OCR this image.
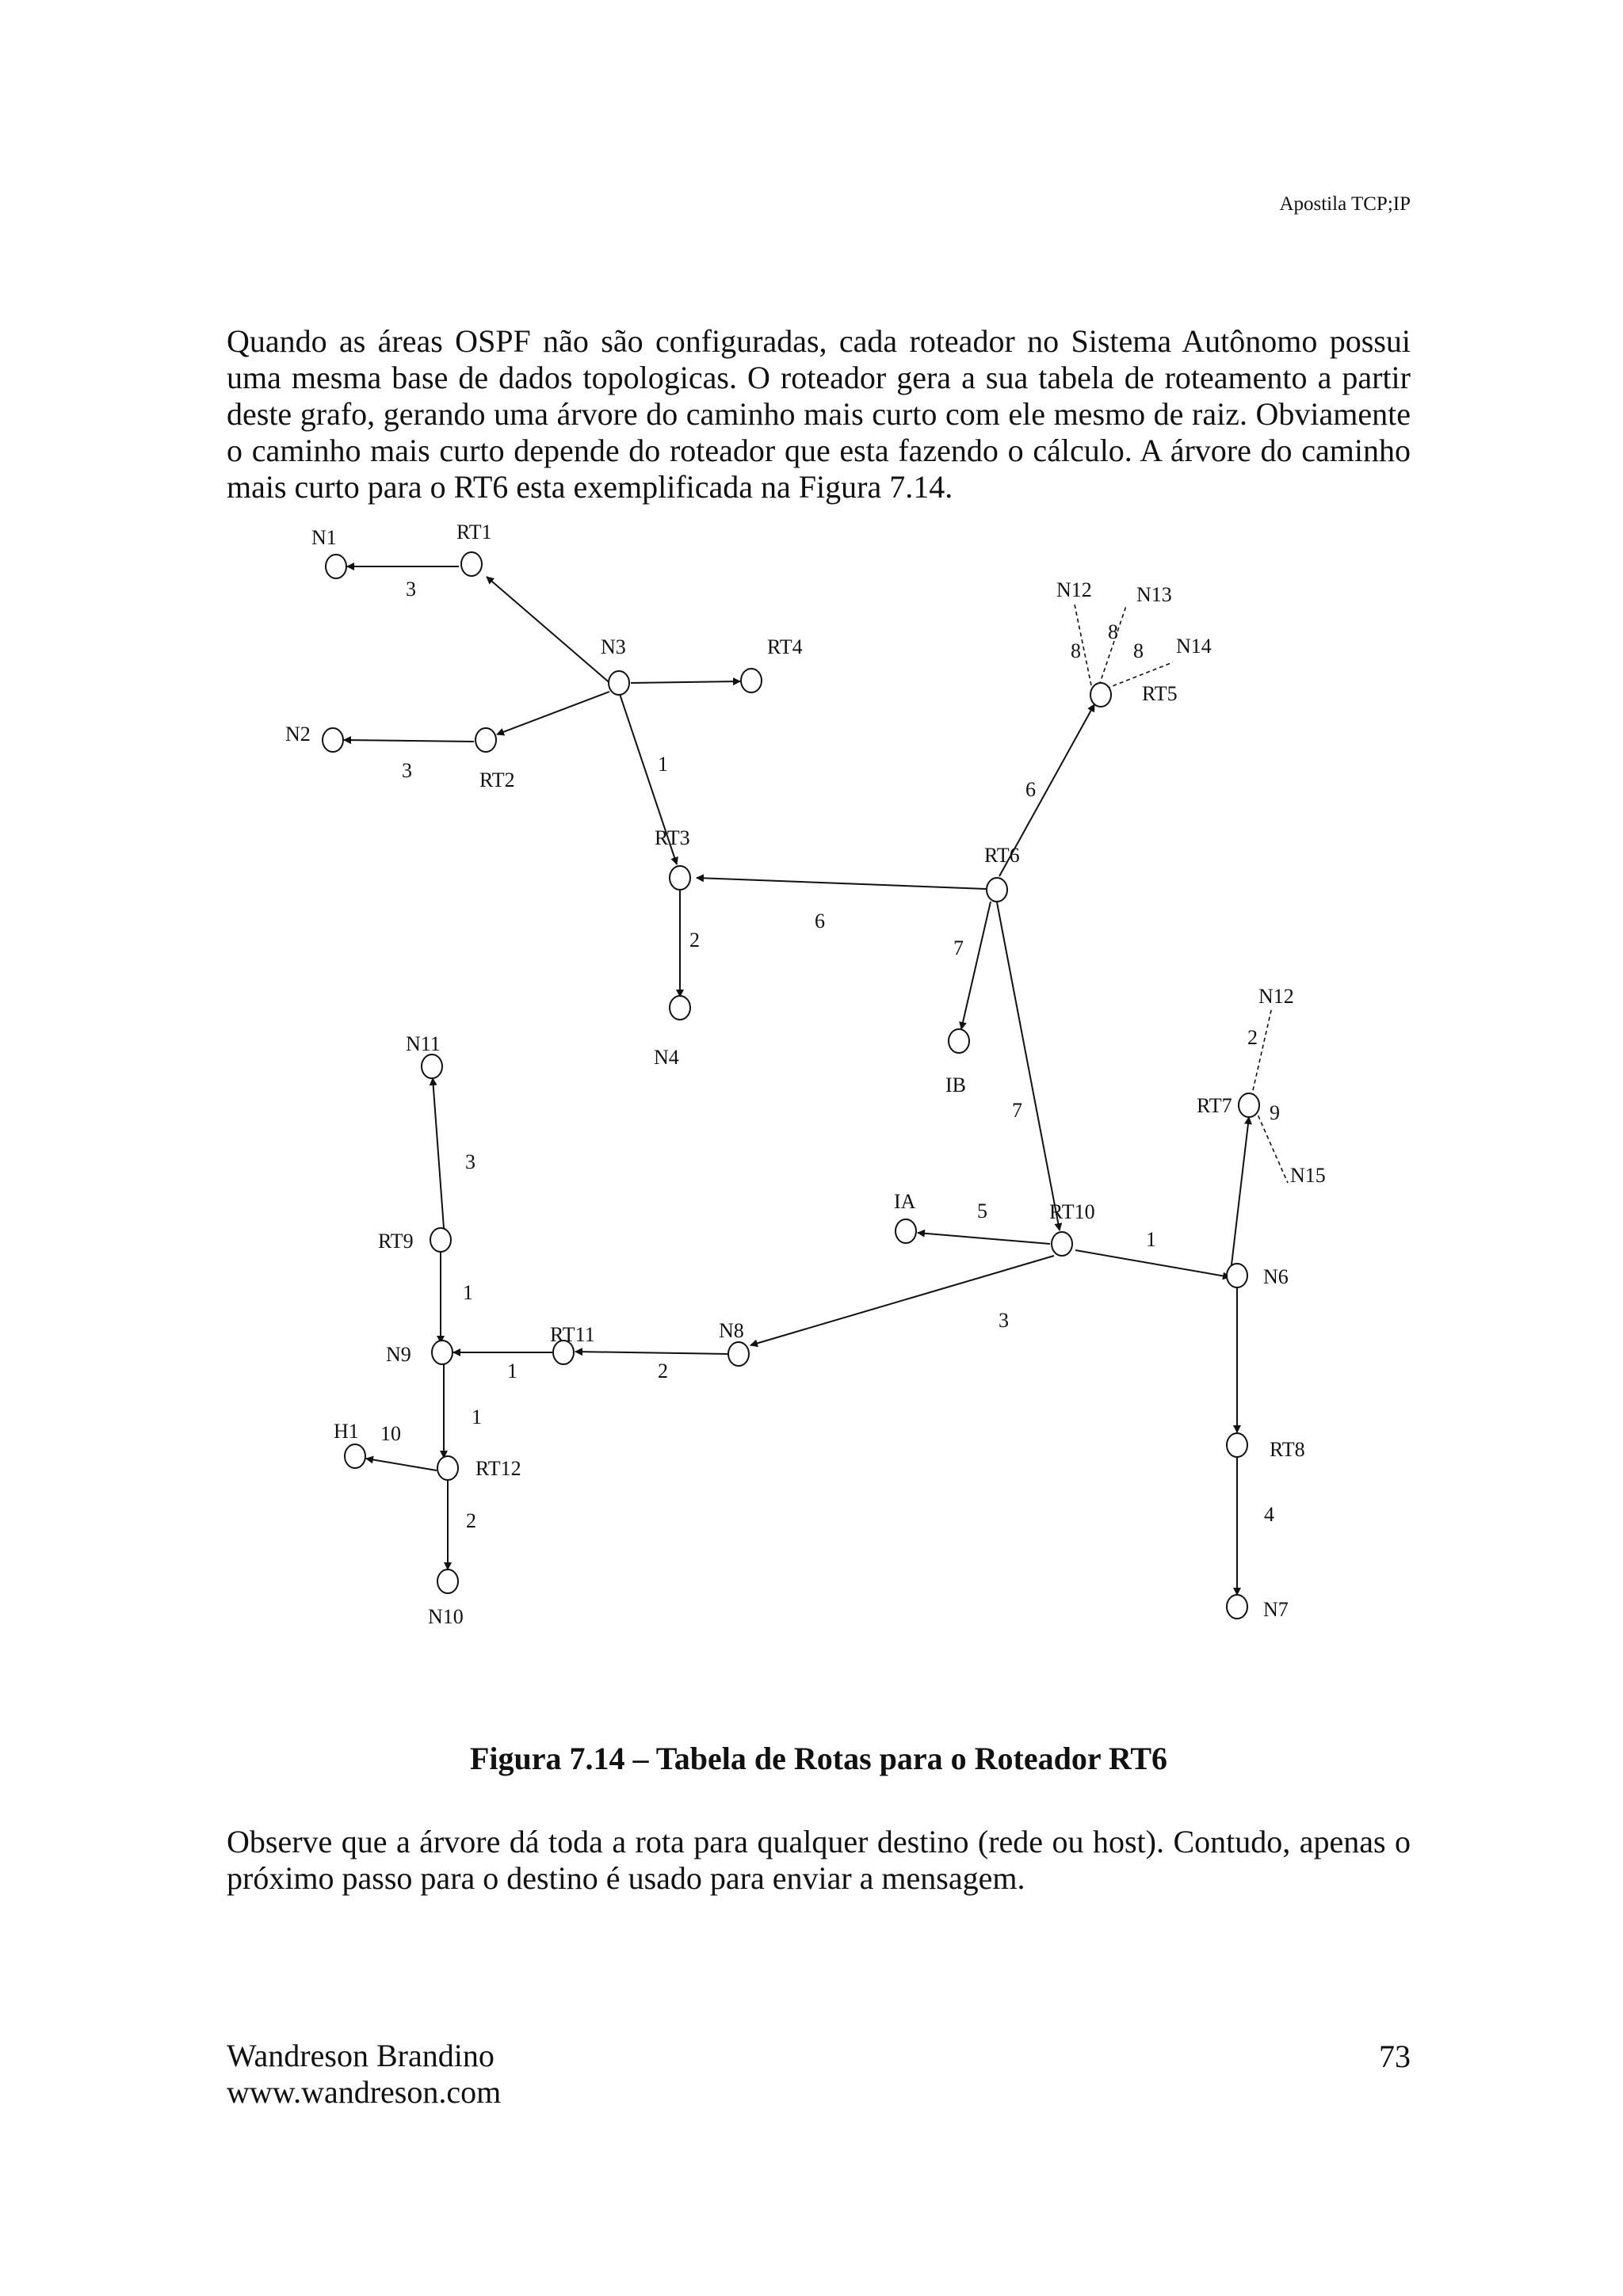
Apostila TCP;IP

Quando as áreas OSPF não são configuradas, cada roteador no Sistema Autônomo possui uma mesma base de dados topologicas. O roteador gera a sua tabela de roteamento a partir deste grafo, gerando uma árvore do caminho mais curto com ele mesmo de raiz. Obviamente o caminho mais curto depende do roteador que esta fazendo o cálculo. A árvore do caminho mais curto para o RT6 esta exemplificada na Figura 7.14.

N1	RT1
N2
RT2
N3	RT4
RT3
N4
RT6
IB
N12 N13
N14
RT5
N11
RT9
N9
RT11	N8
RT10
IA
N6
RT7
N12
N15
RT8
N7
H1
RT12
N10
3
3	1
6
2
6
8
8
8
7
7
5
1
3
2
9
4
2
1
3
1
1
10
2
Figura 7.14 – Tabela de Rotas para o Roteador RT6

Observe que a árvore dá toda a rota para qualquer destino (rede ou host). Contudo, apenas o próximo passo para o destino é usado para enviar a mensagem.

Wandreson Brandino
www.wandreson.com
73
